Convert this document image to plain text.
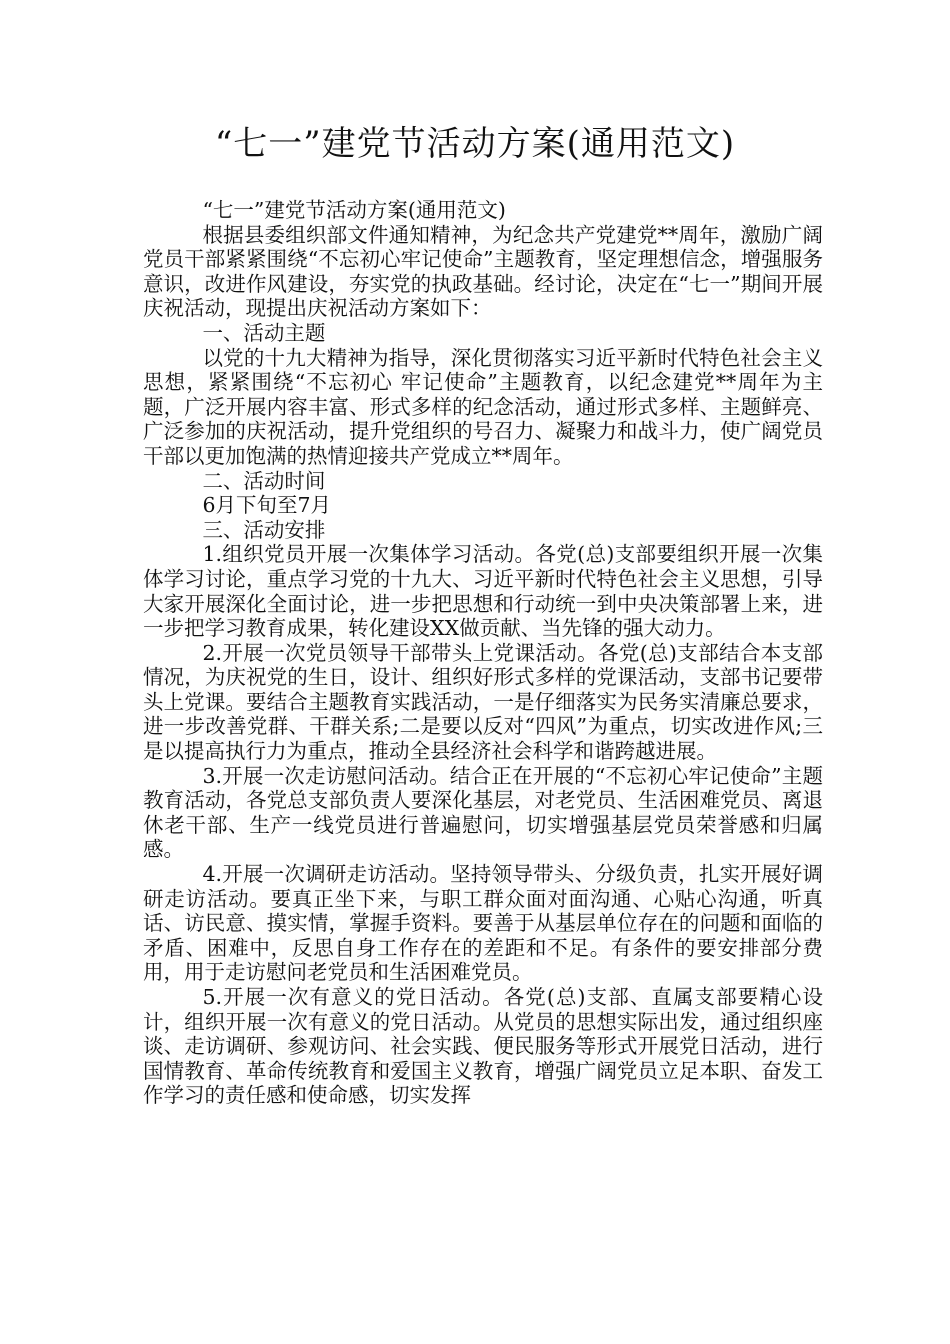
“七一”建党节活动方案(通用范文)

“七一”建党节活动方案(通用范文)

根据县委组织部文件通知精神，为纪念共产党建党**周年，激励广阔党员干部紧紧围绕“不忘初心牢记使命”主题教育，坚定理想信念，增强服务意识，改进作风建设，夯实党的执政基础。经讨论，决定在“七一”期间开展庆祝活动，现提出庆祝活动方案如下：

一、活动主题

以党的十九大精神为指导，深化贯彻落实习近平新时代特色社会主义思想，紧紧围绕“不忘初心 牢记使命”主题教育，以纪念建党**周年为主题，广泛开展内容丰富、形式多样的纪念活动，通过形式多样、主题鲜亮、广泛参加的庆祝活动，提升党组织的号召力、凝聚力和战斗力，使广阔党员干部以更加饱满的热情迎接共产党成立**周年。

二、活动时间

6月下旬至7月

三、活动安排

1.组织党员开展一次集体学习活动。各党(总)支部要组织开展一次集体学习讨论，重点学习党的十九大、习近平新时代特色社会主义思想，引导大家开展深化全面讨论，进一步把思想和行动统一到中央决策部署上来，进一步把学习教育成果，转化建设XX做贡献、当先锋的强大动力。

2.开展一次党员领导干部带头上党课活动。各党(总)支部结合本支部情况，为庆祝党的生日，设计、组织好形式多样的党课活动，支部书记要带头上党课。要结合主题教育实践活动，一是仔细落实为民务实清廉总要求，进一步改善党群、干群关系;二是要以反对“四风”为重点，切实改进作风;三是以提高执行力为重点，推动全县经济社会科学和谐跨越进展。

3.开展一次走访慰问活动。结合正在开展的“不忘初心牢记使命”主题教育活动，各党总支部负责人要深化基层，对老党员、生活困难党员、离退休老干部、生产一线党员进行普遍慰问，切实增强基层党员荣誉感和归属感。

4.开展一次调研走访活动。坚持领导带头、分级负责，扎实开展好调研走访活动。要真正坐下来，与职工群众面对面沟通、心贴心沟通，听真话、访民意、摸实情，掌握手资料。要善于从基层单位存在的问题和面临的矛盾、困难中，反思自身工作存在的差距和不足。有条件的要安排部分费用，用于走访慰问老党员和生活困难党员。

5.开展一次有意义的党日活动。各党(总)支部、直属支部要精心设计，组织开展一次有意义的党日活动。从党员的思想实际出发，通过组织座谈、走访调研、参观访问、社会实践、便民服务等形式开展党日活动，进行国情教育、革命传统教育和爱国主义教育，增强广阔党员立足本职、奋发工作学习的责任感和使命感，切实发挥
